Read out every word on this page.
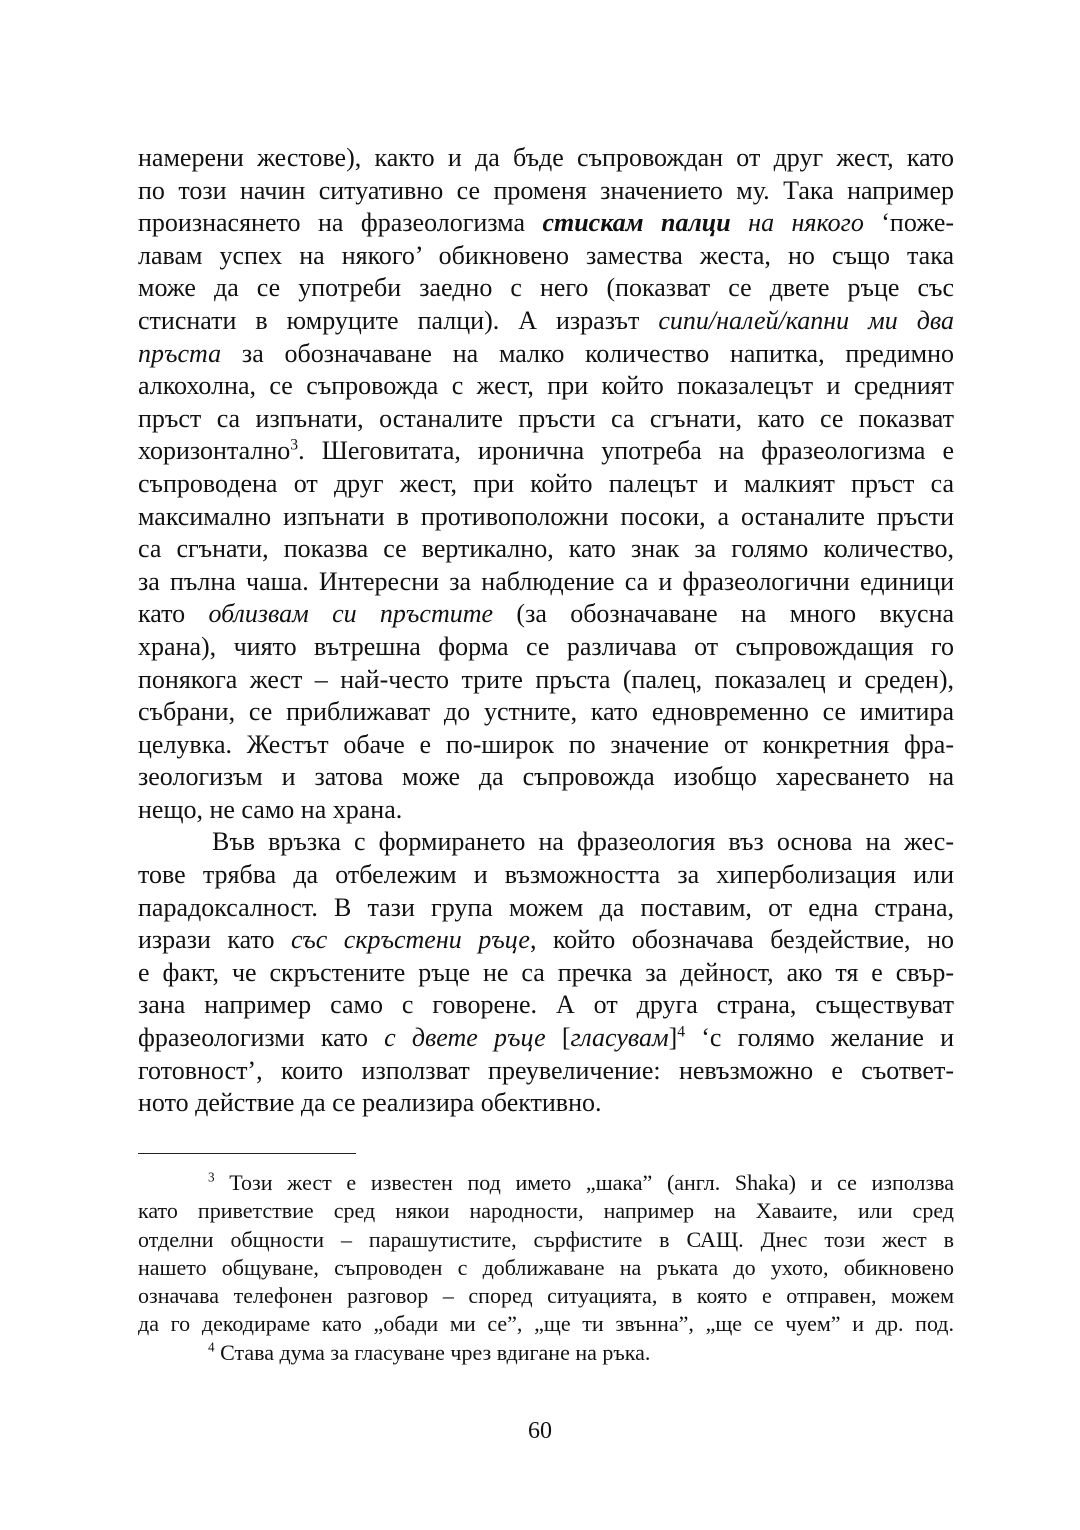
намерени жестове), както и да бъде съпровождан от друг жест, като
по този начин ситуативно се променя значението му. Така например
произнасянето на фразеологизма стискам палци на някого ‘поже-
лавам успех на някого’ обикновено замества жеста, но също така
може да се употреби заедно с него (показват се двете ръце със
стиснати в юмруците палци). А изразът сипи/налей/капни ми два
пръста за обозначаване на малко количество напитка, предимно
алкохолна, се съпровожда с жест, при който показалецът и средният
пръст са изпънати, останалите пръсти са сгънати, като се показват
хоризонтално$^3$. Шеговитата, иронична употреба на фразеологизма е
съпроводена от друг жест, при който палецът и малкият пръст са
максимално изпънати в противоположни посоки, а останалите пръсти
са сгънати, показва се вертикално, като знак за голямо количество,
за пълна чаша. Интересни за наблюдение са и фразеологични единици
като облизвам си пръстите (за обозначаване на много вкусна
храна), чиято вътрешна форма се различава от съпровождащия го
понякога жест – най-често трите пръста (палец, показалец и среден),
събрани, се приближават до устните, като едновременно се имитира
целувка. Жестът обаче е по-широк по значение от конкретния фра-
зеологизъм и затова може да съпровожда изобщо харесването на
нещо, не само на храна.
Във връзка с формирането на фразеология въз основа на жес-
тове трябва да отбележим и възможността за хиперболизация или
парадоксалност. В тази група можем да поставим, от една страна,
изрази като със скръстени ръце, който обозначава бездействие, но
е факт, че скръстените ръце не са пречка за дейност, ако тя е свър-
зана например само с говорене. А от друга страна, съществуват
фразеологизми като с двете ръце [гласувам]$^4$ ‘с голямо желание и
готовност’, които използват преувеличение: невъзможно е съответ-
ното действие да се реализира обективно.
$^3$ Този жест е известен под името „шака” (англ. Shaka) и се използва
като приветствие сред някои народности, например на Хаваите, или сред
отделни общности – парашутистите, сърфистите в САЩ. Днес този жест в
нашето общуване, съпроводен с доближаване на ръката до ухото, обикновено
означава телефонен разговор – според ситуацията, в която е отправен, можем
да го декодираме като „обади ми се”, „ще ти звънна”, „ще се чуем” и др. под.
$^4$ Става дума за гласуване чрез вдигане на ръка.
60
